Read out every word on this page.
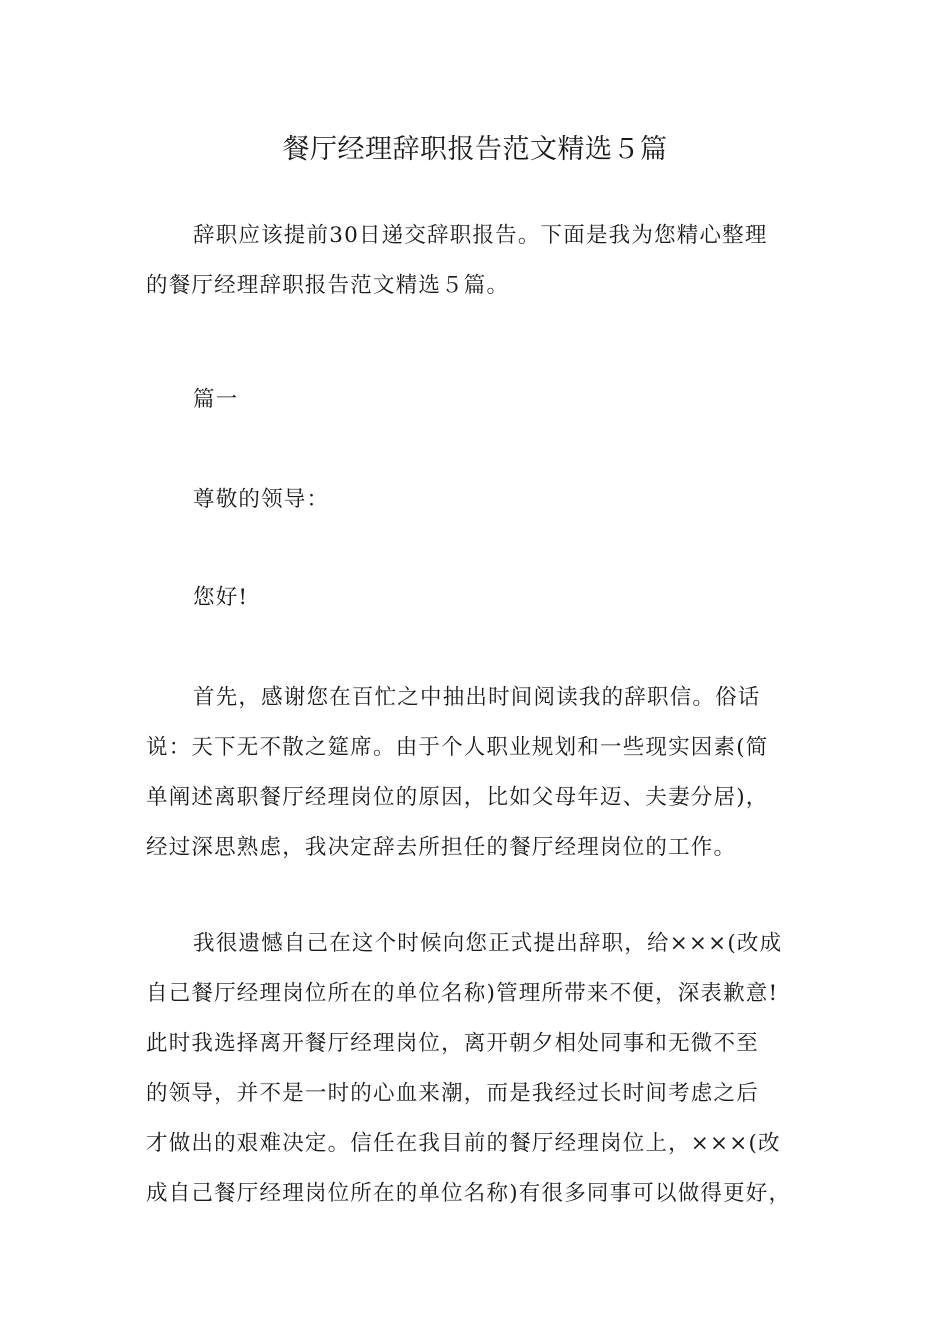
餐厅经理辞职报告范文精选５篇
辞职应该提前30日递交辞职报告。下面是我为您精心整理
的餐厅经理辞职报告范文精选５篇。
篇一
尊敬的领导：
您好!
首先，感谢您在百忙之中抽出时间阅读我的辞职信。俗话
说：天下无不散之筵席。由于个人职业规划和一些现实因素(简
单阐述离职餐厅经理岗位的原因，比如父母年迈、夫妻分居)，
经过深思熟虑，我决定辞去所担任的餐厅经理岗位的工作。
我很遗憾自己在这个时候向您正式提出辞职，给×××(改成
自己餐厅经理岗位所在的单位名称)管理所带来不便，深表歉意!
此时我选择离开餐厅经理岗位，离开朝夕相处同事和无微不至
的领导，并不是一时的心血来潮，而是我经过长时间考虑之后
才做出的艰难决定。信任在我目前的餐厅经理岗位上，×××(改
成自己餐厅经理岗位所在的单位名称)有很多同事可以做得更好，
